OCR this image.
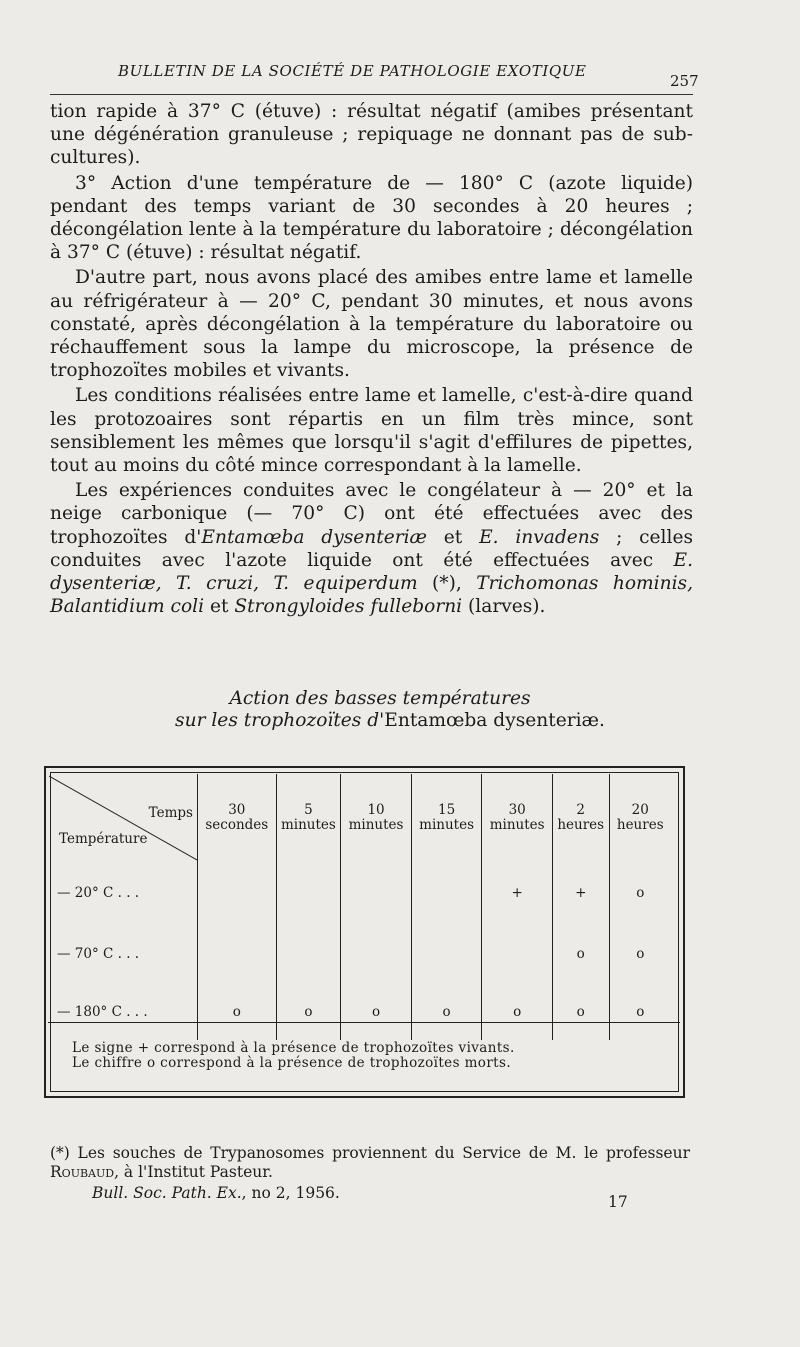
BULLETIN DE LA SOCIÉTÉ DE PATHOLOGIE EXOTIQUE
257

tion rapide à 37° C (étuve) : résultat négatif (amibes présentant une dégénération granuleuse ; repiquage ne donnant pas de sub-cultures).

3° Action d'une température de — 180° C (azote liquide) pendant des temps variant de 30 secondes à 20 heures ; décongélation lente à la température du laboratoire ; décongélation à 37° C (étuve) : résultat négatif.

D'autre part, nous avons placé des amibes entre lame et lamelle au réfrigérateur à — 20° C, pendant 30 minutes, et nous avons constaté, après décongélation à la température du laboratoire ou réchauffement sous la lampe du microscope, la présence de trophozoïtes mobiles et vivants.

Les conditions réalisées entre lame et lamelle, c'est-à-dire quand les protozoaires sont répartis en un film très mince, sont sensiblement les mêmes que lorsqu'il s'agit d'effilures de pipettes, tout au moins du côté mince correspondant à la lamelle.

Les expériences conduites avec le congélateur à — 20° et la neige carbonique (— 70° C) ont été effectuées avec des trophozoïtes d'Entamœba dysenteriæ et E. invadens ; celles conduites avec l'azote liquide ont été effectuées avec E. dysenteriæ, T. cruzi, T. equiperdum (*), Trichomonas hominis, Balantidium coli et Strongyloides fulleborni (larves).

Action des basses températures
sur les trophozoïtes d'Entamœba dysenteriæ.
Temps
Température	30 secondes	5 minutes	10 minutes	15 minutes	30 minutes	2 heures	20 heures
— 20° C . . .					+	+	o
— 70° C . . .						o	o
— 180° C . . .	o	o	o	o	o	o	o
Le signe + correspond à la présence de trophozoïtes vivants.
Le chiffre o correspond à la présence de trophozoïtes morts.
(*) Les souches de Trypanosomes proviennent du Service de M. le professeur Roubaud, à l'Institut Pasteur.
Bull. Soc. Path. Ex., no 2, 1956.	17
